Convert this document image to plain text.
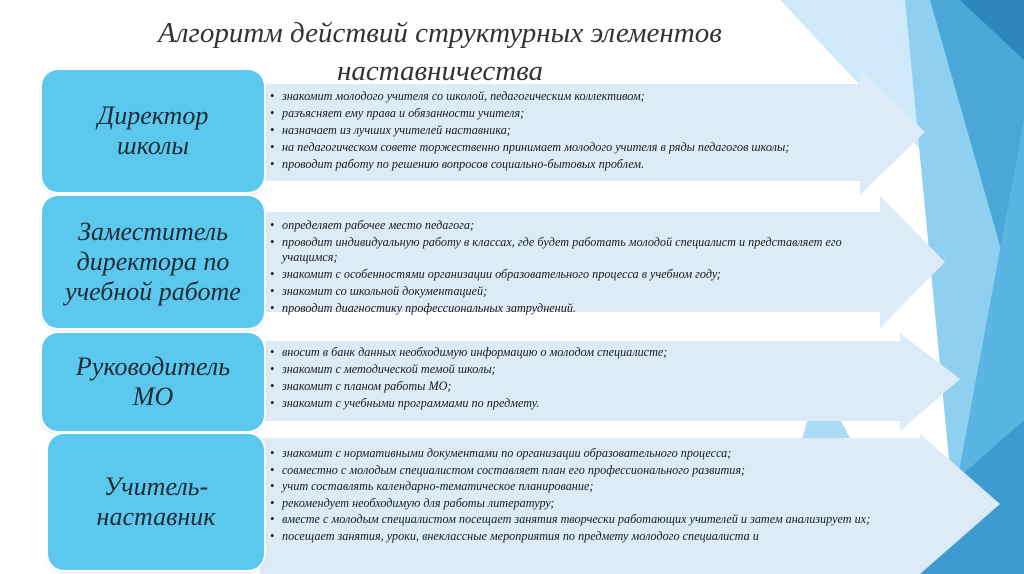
Алгоритм действий структурных элементов
наставничества
Директор
школы
• знакомит молодого учителя со школой, педагогическим коллективом;
• разъясняет ему права и обязанности учителя;
• назначает из лучших учителей наставника;
• на педагогическом совете торжественно принимает молодого учителя в ряды педагогов школы;
• проводит работу по решению вопросов социально-бытовых проблем.
Заместитель
директора по
учебной работе
• определяет рабочее место педагога;
• проводит индивидуальную работу в классах, где будет работать молодой специалист и представляет его учащимся;
• знакомит с особенностями организации образовательного процесса в учебном году;
• знакомит со школьной документацией;
• проводит диагностику профессиональных затруднений.
Руководитель
МО
• вносит в банк данных необходимую информацию о молодом специалисте;
• знакомит с методической темой школы;
• знакомит с планом работы МО;
• знакомит с учебными программами по предмету.
Учитель-
наставник
• знакомит с нормативными документами по организации образовательного процесса;
• совместно с молодым специалистом составляет план его профессионального развития;
• учит составлять календарно-тематическое планирование;
• рекомендует необходимую для работы литературу;
• вместе с молодым специалистом посещает занятия творчески работающих учителей и затем анализирует их;
• посещает занятия, уроки, внеклассные мероприятия по предмету молодого специалиста и
